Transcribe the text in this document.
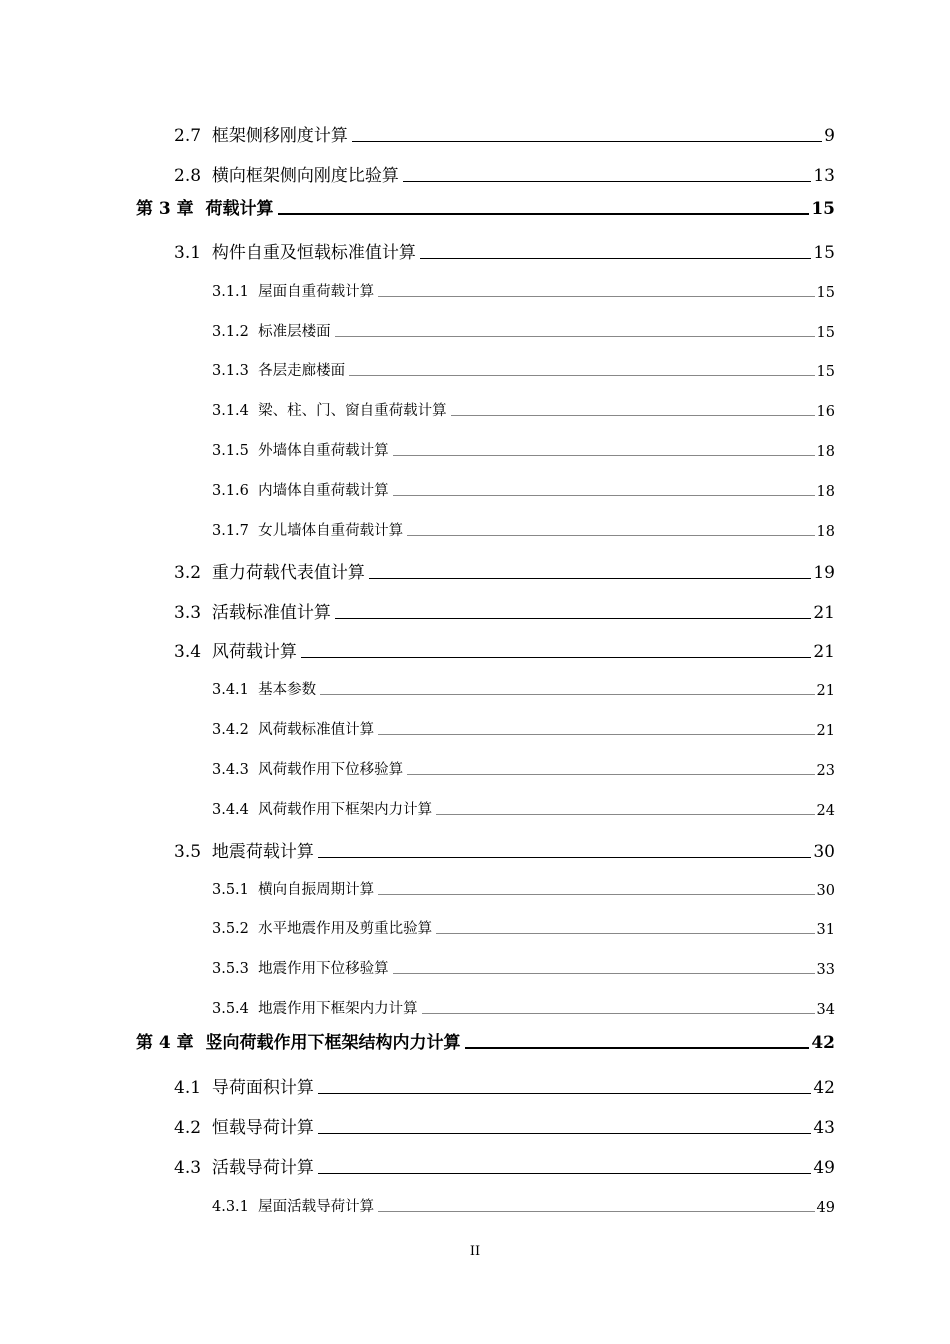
2.7 框架侧移刚度计算	9
2.8 横向框架侧向刚度比验算	13
第 3 章 荷载计算	15
3.1 构件自重及恒载标准值计算	15
3.1.1 屋面自重荷载计算	15
3.1.2 标准层楼面	15
3.1.3 各层走廊楼面	15
3.1.4 梁、柱、门、窗自重荷载计算	16
3.1.5 外墙体自重荷载计算	18
3.1.6 内墙体自重荷载计算	18
3.1.7 女儿墙体自重荷载计算	18
3.2 重力荷载代表值计算	19
3.3 活载标准值计算	21
3.4 风荷载计算	21
3.4.1 基本参数	21
3.4.2 风荷载标准值计算	21
3.4.3 风荷载作用下位移验算	23
3.4.4 风荷载作用下框架内力计算	24
3.5 地震荷载计算	30
3.5.1 横向自振周期计算	30
3.5.2 水平地震作用及剪重比验算	31
3.5.3 地震作用下位移验算	33
3.5.4 地震作用下框架内力计算	34
第 4 章 竖向荷载作用下框架结构内力计算	42
4.1 导荷面积计算	42
4.2 恒载导荷计算	43
4.3 活载导荷计算	49
4.3.1 屋面活载导荷计算	49
II
